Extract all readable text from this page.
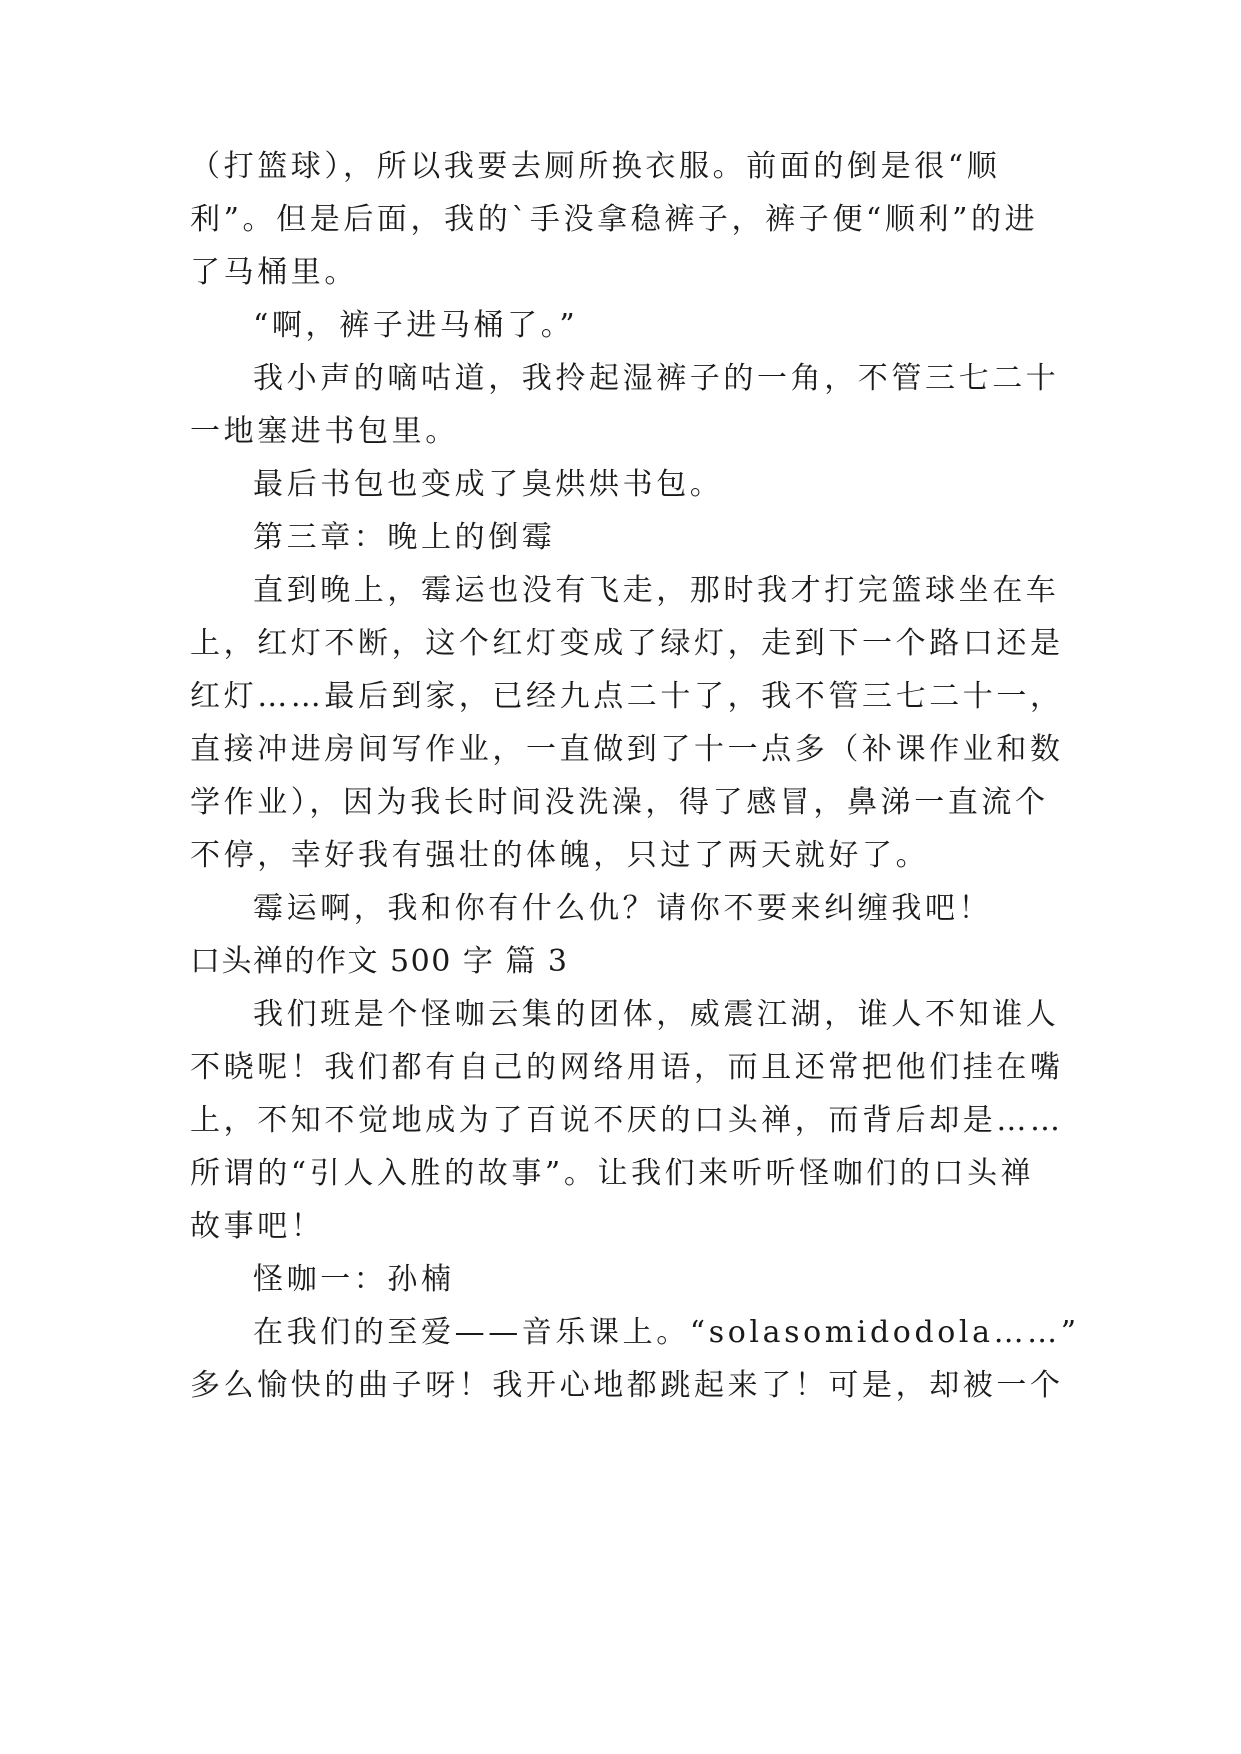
（打篮球），所以我要去厕所换衣服。前面的倒是很“顺
利”。但是后面，我的`手没拿稳裤子，裤子便“顺利”的进
了马桶里。
“啊，裤子进马桶了。”
我小声的嘀咕道，我拎起湿裤子的一角，不管三七二十
一地塞进书包里。
最后书包也变成了臭烘烘书包。
第三章：晚上的倒霉
直到晚上，霉运也没有飞走，那时我才打完篮球坐在车
上，红灯不断，这个红灯变成了绿灯，走到下一个路口还是
红灯……最后到家，已经九点二十了，我不管三七二十一，
直接冲进房间写作业，一直做到了十一点多（补课作业和数
学作业），因为我长时间没洗澡，得了感冒，鼻涕一直流个
不停，幸好我有强壮的体魄，只过了两天就好了。
霉运啊，我和你有什么仇？请你不要来纠缠我吧！
口头禅的作文 500 字 篇 3
我们班是个怪咖云集的团体，威震江湖，谁人不知谁人
不晓呢！我们都有自己的网络用语，而且还常把他们挂在嘴
上，不知不觉地成为了百说不厌的口头禅，而背后却是……
所谓的“引人入胜的故事”。让我们来听听怪咖们的口头禅
故事吧！
怪咖一：孙楠
在我们的至爱——音乐课上。“solasomidodola……”
多么愉快的曲子呀！我开心地都跳起来了！可是，却被一个
